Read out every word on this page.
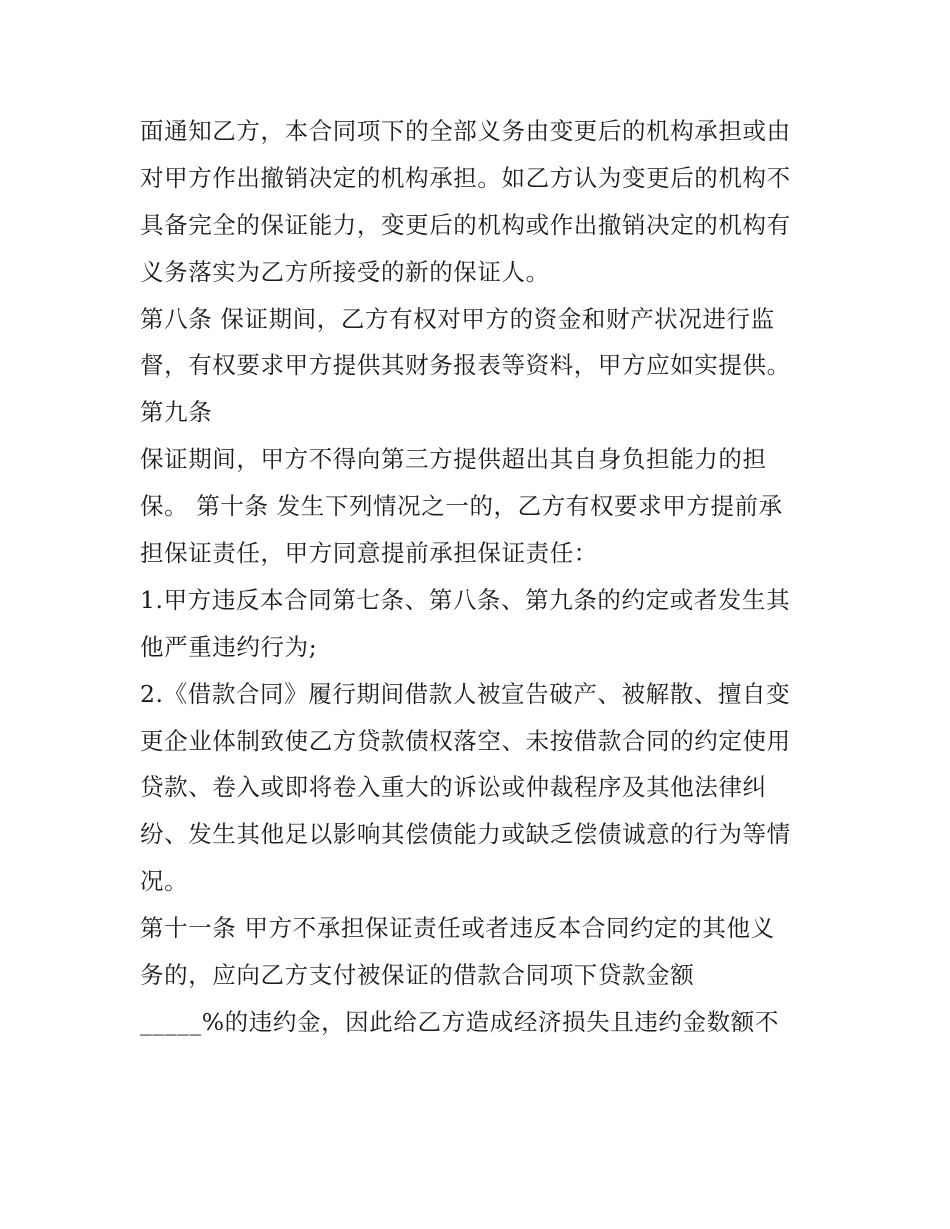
面通知乙方，本合同项下的全部义务由变更后的机构承担或由
对甲方作出撤销决定的机构承担。如乙方认为变更后的机构不
具备完全的保证能力，变更后的机构或作出撤销决定的机构有
义务落实为乙方所接受的新的保证人。
第八条 保证期间，乙方有权对甲方的资金和财产状况进行监
督，有权要求甲方提供其财务报表等资料，甲方应如实提供。
第九条
保证期间，甲方不得向第三方提供超出其自身负担能力的担
保。 第十条 发生下列情况之一的，乙方有权要求甲方提前承
担保证责任，甲方同意提前承担保证责任：
1.甲方违反本合同第七条、第八条、第九条的约定或者发生其
他严重违约行为;
2.《借款合同》履行期间借款人被宣告破产、被解散、擅自变
更企业体制致使乙方贷款债权落空、未按借款合同的约定使用
贷款、卷入或即将卷入重大的诉讼或仲裁程序及其他法律纠
纷、发生其他足以影响其偿债能力或缺乏偿债诚意的行为等情
况。
第十一条 甲方不承担保证责任或者违反本合同约定的其他义
务的，应向乙方支付被保证的借款合同项下贷款金额
_____%的违约金，因此给乙方造成经济损失且违约金数额不
